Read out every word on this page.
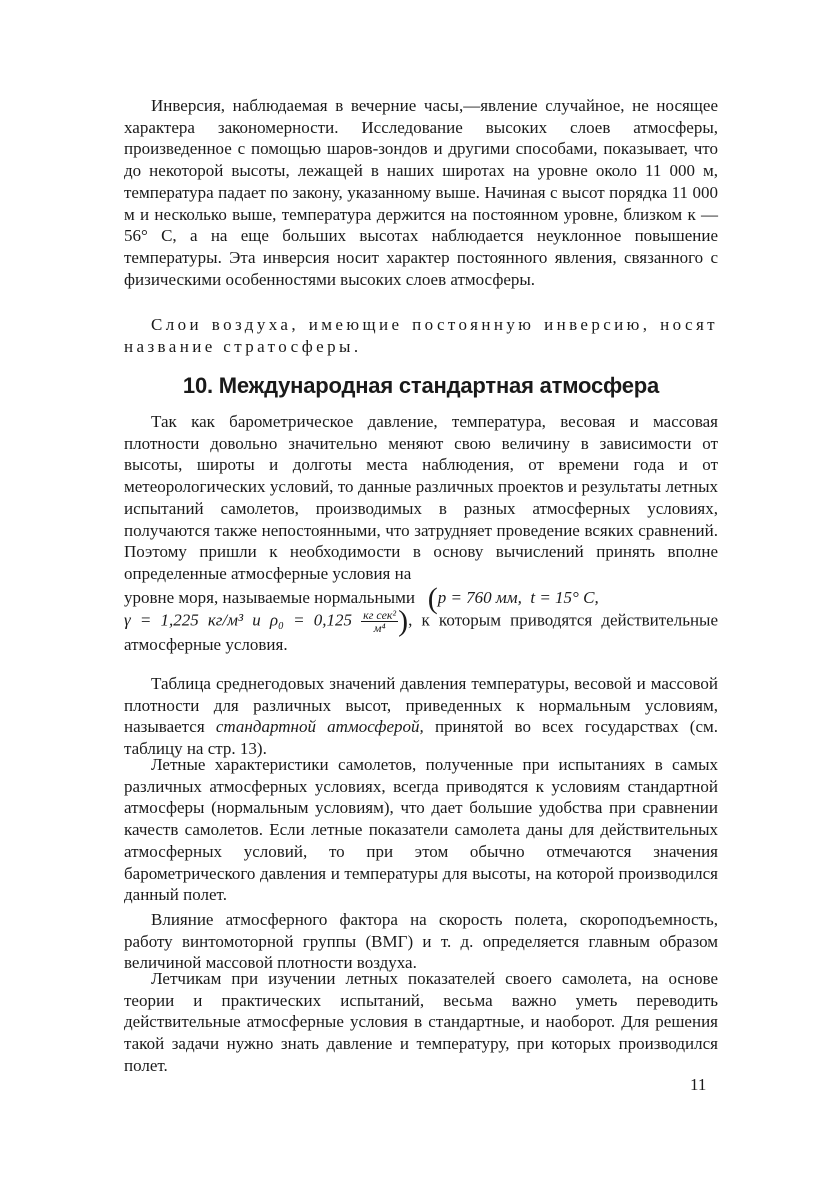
Инверсия, наблюдаемая в вечерние часы,—явление случайное, не носящее характера закономерности. Исследование высоких слоев атмосферы, произведенное с помощью шаров-зондов и другими способами, показывает, что до некоторой высоты, лежащей в наших широтах на уровне около 11 000 м, температура падает по закону, указанному выше. Начиная с высот порядка 11 000 м и несколько выше, температура держится на постоянном уровне, близком к —56° С, а на еще больших высотах наблюдается неуклонное повышение температуры. Эта инверсия носит характер постоянного явления, связанного с физическими особенностями высоких слоев атмосферы.

Слои воздуха, имеющие постоянную инверсию, носят название стратосферы.

10. Международная стандартная атмосфера

Так как барометрическое давление, температура, весовая и массовая плотности довольно значительно меняют свою величину в зависимости от высоты, широты и долготы места наблюдения, от времени года и от метеорологических условий, то данные различных проектов и результаты летных испытаний самолетов, производимых в разных атмосферных условиях, получаются также непостоянными, что затрудняет проведение всяких сравнений. Поэтому пришли к необходимости в основу вычислений принять вполне определенные атмосферные условия на
уровне моря, называемые нормальными (p = 760 мм, t = 15° С,
γ = 1,225 кг/м³ и $\rho_0 = 0,125 \frac{\text{кг сек²}}{\text{м⁴}}$ ), к которым приводятся действительные атмосферные условия.

Таблица среднегодовых значений давления температуры, весовой и массовой плотности для различных высот, приведенных к нормальным условиям, называется стандартной атмосферой, принятой во всех государствах (см. таблицу на стр. 13).

Летные характеристики самолетов, полученные при испытаниях в самых различных атмосферных условиях, всегда приводятся к условиям стандартной атмосферы (нормальным условиям), что дает большие удобства при сравнении качеств самолетов. Если летные показатели самолета даны для действительных атмосферных условий, то при этом обычно отмечаются значения барометрического давления и температуры для высоты, на которой производился данный полет.

Влияние атмосферного фактора на скорость полета, скороподъемность, работу винтомоторной группы (ВМГ) и т. д. определяется главным образом величиной массовой плотности воздуха.

Летчикам при изучении летных показателей своего самолета, на основе теории и практических испытаний, весьма важно уметь переводить действительные атмосферные условия в стандартные, и наоборот. Для решения такой задачи нужно знать давление и температуру, при которых производился полет.

11
